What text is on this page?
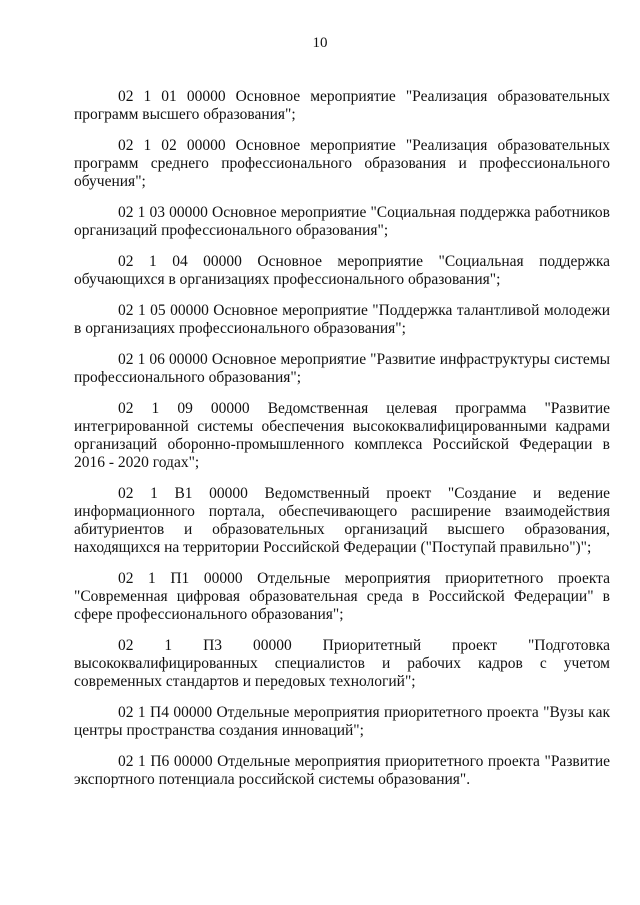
10

02 1 01 00000 Основное мероприятие "Реализация образовательных программ высшего образования";

02 1 02 00000 Основное мероприятие "Реализация образовательных программ среднего профессионального образования и профессионального обучения";

02 1 03 00000 Основное мероприятие "Социальная поддержка работников организаций профессионального образования";

02 1 04 00000 Основное мероприятие "Социальная поддержка обучающихся в организациях профессионального образования";

02 1 05 00000 Основное мероприятие "Поддержка талантливой молодежи в организациях профессионального образования";

02 1 06 00000 Основное мероприятие "Развитие инфраструктуры системы профессионального образования";

02 1 09 00000 Ведомственная целевая программа "Развитие интегрированной системы обеспечения высококвалифицированными кадрами организаций оборонно-промышленного комплекса Российской Федерации в 2016 - 2020 годах";

02 1 В1 00000 Ведомственный проект "Создание и ведение информационного портала, обеспечивающего расширение взаимодействия абитуриентов и образовательных организаций высшего образования, находящихся на территории Российской Федерации ("Поступай правильно")";

02 1 П1 00000 Отдельные мероприятия приоритетного проекта "Современная цифровая образовательная среда в Российской Федерации" в сфере профессионального образования";

02 1 П3 00000 Приоритетный проект "Подготовка высококвалифицированных специалистов и рабочих кадров с учетом современных стандартов и передовых технологий";

02 1 П4 00000 Отдельные мероприятия приоритетного проекта "Вузы как центры пространства создания инноваций";

02 1 П6 00000 Отдельные мероприятия приоритетного проекта "Развитие экспортного потенциала российской системы образования".
